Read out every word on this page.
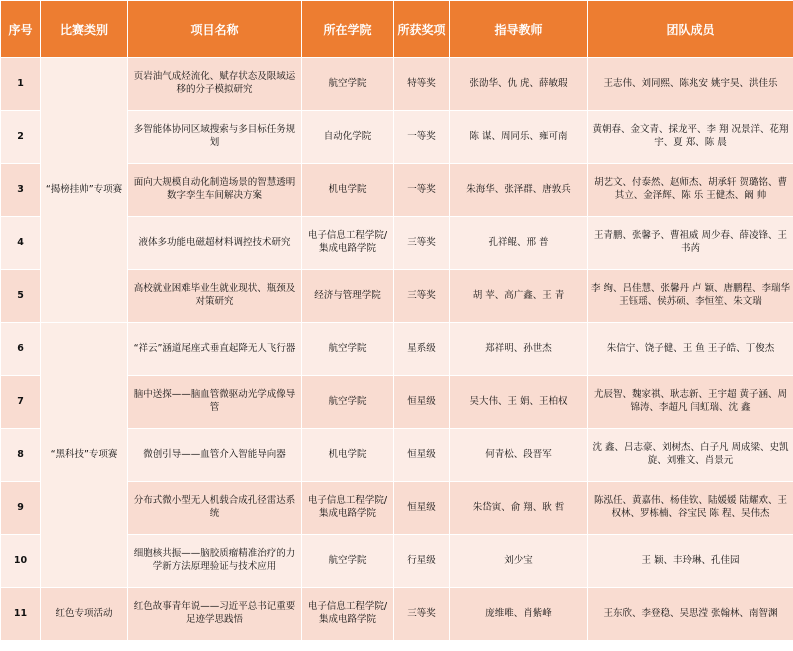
序号	比赛类别	项目名称	所在学院	所获奖项	指导教师	团队成员
1	“揭榜挂帅”专项赛	页岩油气成烃流化、赋存状态及限域运移的分子模拟研究	航空学院	特等奖	张劭华、仇 虎、薛敏瑕	王志伟、刘同熙、陈兆安 姚宇昊、洪佳乐
2		多智能体协同区域搜索与多目标任务规划	自动化学院	一等奖	陈 谋、周同乐、雍可南	黄朝春、金文青、採龙平、李 翔 况景洋、花翔宇、夏 郑、陈 晨
3		面向大规模自动化制造场景的智慧透明数字孪生车间解决方案	机电学院	一等奖	朱海华、张泽群、唐敦兵	胡艺文、付泰然、赵师杰、胡承轩 贺璐铭、曹其立、金泽辉、陈 乐 王健杰、阚 帅
4		液体多功能电磁超材料调控技术研究	电子信息工程学院/集成电路学院	三等奖	孔祥鲲、邢 普	王青鹏、张馨予、曹祖威 周少春、薛凌锋、王书芮
5		高校就业困难毕业生就业现状、瓶颈及对策研究	经济与管理学院	三等奖	胡 苹、高广鑫、王 青	李 绚、吕佳慧、张馨丹 卢 颖、唐鹏程、李瑞华 王钰瑶、侯苏硕、李恒笙、朱文瑞
6	“黑科技”专项赛	“祥云”涵道尾座式垂直起降无人飞行器	航空学院	星系级	郑祥明、孙世杰	朱信宁、饶子健、王 鱼 王子皓、丁俊杰
7		脑中送探——脑血管微驱动光学成像导管	航空学院	恒星级	吴大伟、王 娟、王柏权	尤辰智、魏家祺、耿志新、王宇超 黄子涵、周锦涛、李超凡 闫虹瑞、沈 鑫
8		微创引导——血管介入智能导向器	机电学院	恒星级	何青松、段晋军	沈 鑫、吕志豪、刘树杰、白子凡 周成梁、史凯旋、刘雅文、肖景元
9		分布式微小型无人机载合成孔径雷达系统	电子信息工程学院/集成电路学院	恒星级	朱岱寅、俞 翔、耿 哲	陈泓任、黄嘉伟、杨佳钦、陆媛媛 陆耀欢、王权林、罗栋楠、谷宝民 陈 程、吴伟杰
10		细胞核共振——脑胶质瘤精准治疗的力学新方法原理验证与技术应用	航空学院	行星级	刘少宝	王 颖、丰玲琳、孔佳园
11	红色专项活动	红色故事青年说——习近平总书记重要足迹学思践悟	电子信息工程学院/集成电路学院	三等奖	庞维唯、肖紫峰	王东欣、李登稳、吴思滢 张翰林、南智渊
